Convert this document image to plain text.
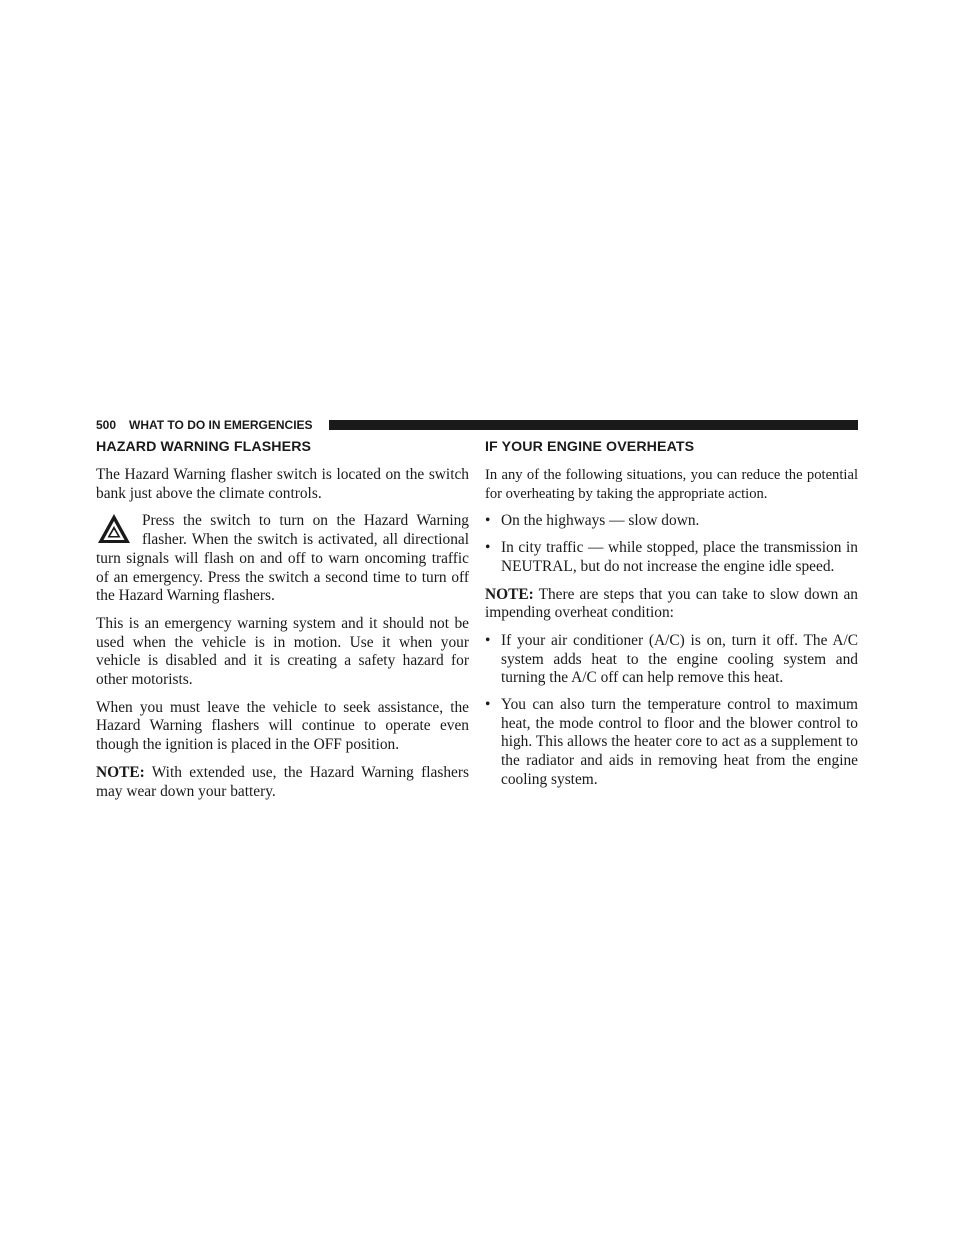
500 WHAT TO DO IN EMERGENCIES
HAZARD WARNING FLASHERS

The Hazard Warning flasher switch is located on the switch bank just above the climate controls.

Press the switch to turn on the Hazard Warning flasher. When the switch is activated, all directional turn signals will flash on and off to warn oncoming traffic of an emergency. Press the switch a second time to turn off the Hazard Warning flashers.

This is an emergency warning system and it should not be used when the vehicle is in motion. Use it when your vehicle is disabled and it is creating a safety hazard for other motorists.

When you must leave the vehicle to seek assistance, the Hazard Warning flashers will continue to operate even though the ignition is placed in the OFF position.

NOTE: With extended use, the Hazard Warning flashers may wear down your battery.

IF YOUR ENGINE OVERHEATS

In any of the following situations, you can reduce the potential for overheating by taking the appropriate action.

• On the highways — slow down.
• In city traffic — while stopped, place the transmission in NEUTRAL, but do not increase the engine idle speed.

NOTE: There are steps that you can take to slow down an impending overheat condition:

• If your air conditioner (A/C) is on, turn it off. The A/C system adds heat to the engine cooling system and turning the A/C off can help remove this heat.
• You can also turn the temperature control to maximum heat, the mode control to floor and the blower control to high. This allows the heater core to act as a supplement to the radiator and aids in removing heat from the engine cooling system.
